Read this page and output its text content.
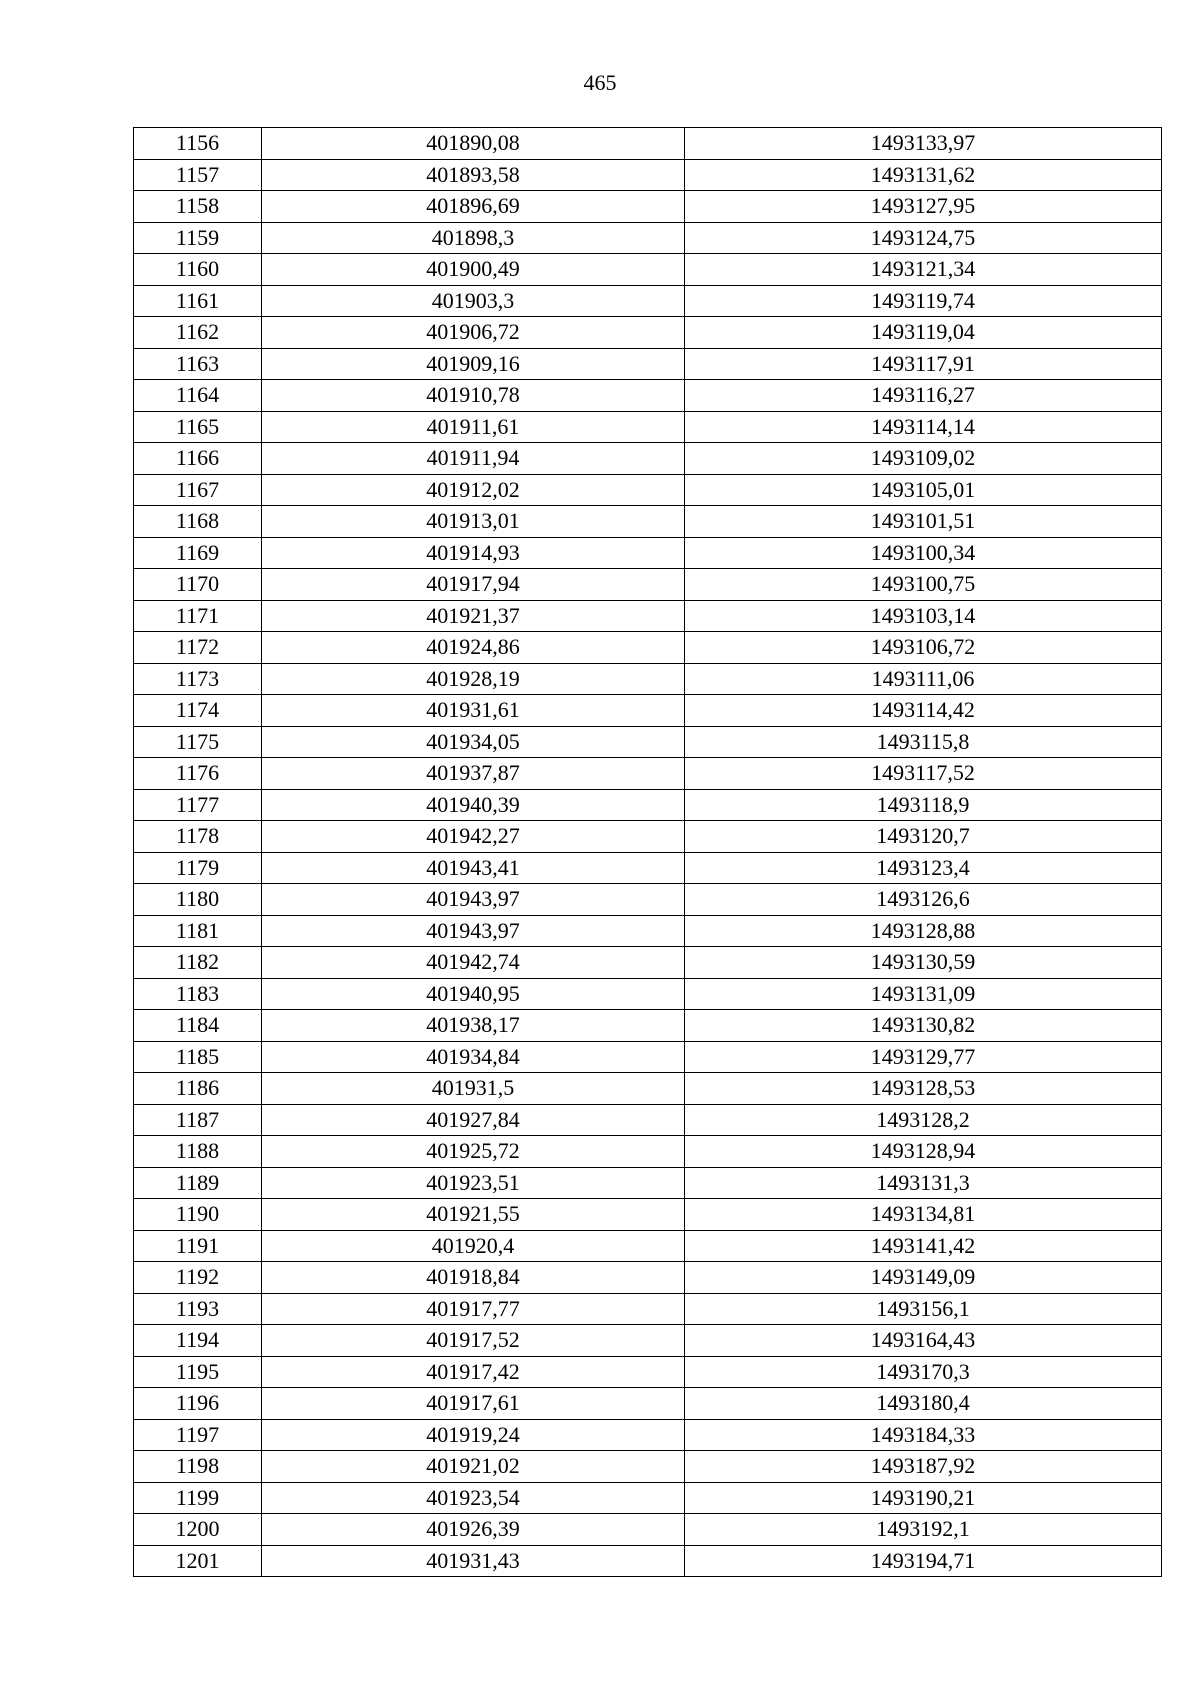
465
1156	401890,08	1493133,97
1157	401893,58	1493131,62
1158	401896,69	1493127,95
1159	401898,3	1493124,75
1160	401900,49	1493121,34
1161	401903,3	1493119,74
1162	401906,72	1493119,04
1163	401909,16	1493117,91
1164	401910,78	1493116,27
1165	401911,61	1493114,14
1166	401911,94	1493109,02
1167	401912,02	1493105,01
1168	401913,01	1493101,51
1169	401914,93	1493100,34
1170	401917,94	1493100,75
1171	401921,37	1493103,14
1172	401924,86	1493106,72
1173	401928,19	1493111,06
1174	401931,61	1493114,42
1175	401934,05	1493115,8
1176	401937,87	1493117,52
1177	401940,39	1493118,9
1178	401942,27	1493120,7
1179	401943,41	1493123,4
1180	401943,97	1493126,6
1181	401943,97	1493128,88
1182	401942,74	1493130,59
1183	401940,95	1493131,09
1184	401938,17	1493130,82
1185	401934,84	1493129,77
1186	401931,5	1493128,53
1187	401927,84	1493128,2
1188	401925,72	1493128,94
1189	401923,51	1493131,3
1190	401921,55	1493134,81
1191	401920,4	1493141,42
1192	401918,84	1493149,09
1193	401917,77	1493156,1
1194	401917,52	1493164,43
1195	401917,42	1493170,3
1196	401917,61	1493180,4
1197	401919,24	1493184,33
1198	401921,02	1493187,92
1199	401923,54	1493190,21
1200	401926,39	1493192,1
1201	401931,43	1493194,71
